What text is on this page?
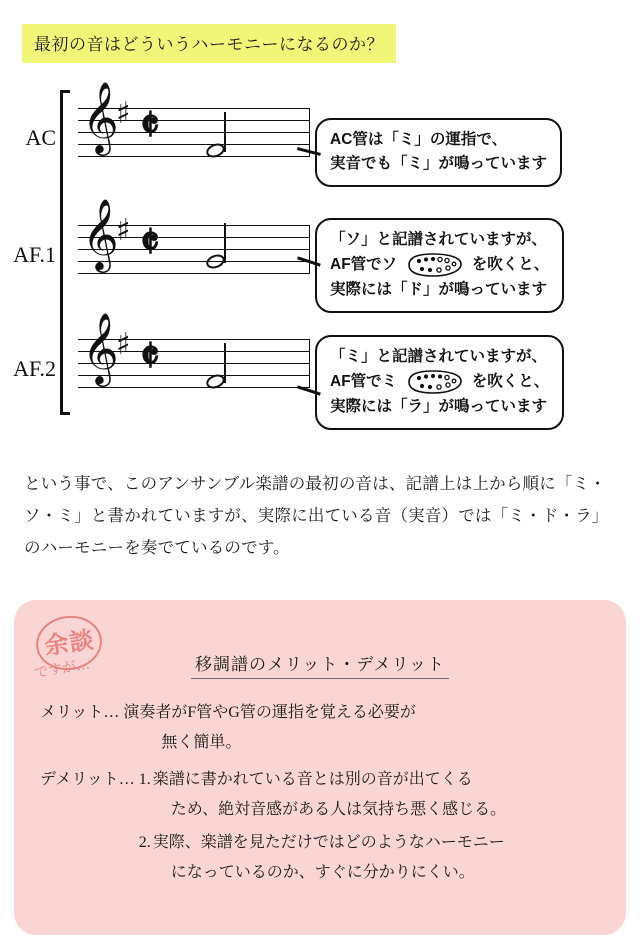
最初の音はどういうハーモニーになるのか？
AC 𝄞
♯ 𝄵
AF.1 𝄞
♯ 𝄵
AF.2 𝄞
♯ 𝄵
AC管は「ミ」の運指で、
実音でも「ミ」が鳴っています
「ソ」と記譜されていますが、
AF管でソ	を吹くと、
実際には「ド」が鳴っています
「ミ」と記譜されていますが、
AF管でミ	を吹くと、
実際には「ラ」が鳴っています
という事で、このアンサンブル楽譜の最初の音は、記譜上は上から順に「ミ・ソ・ミ」と書かれていますが、実際に出ている音（実音）では「ミ・ド・ラ」のハーモニーを奏でているのです。
余談
ですが…	移調譜のメリット・デメリット
メリット… 演奏者がF管やG管の運指を覚える必要が
無く簡単。
デメリット… 1. 楽譜に書かれている音とは別の音が出てくる
ため、絶対音感がある人は気持ち悪く感じる。
2. 実際、楽譜を見ただけではどのようなハーモニー
になっているのか、すぐに分かりにくい。
